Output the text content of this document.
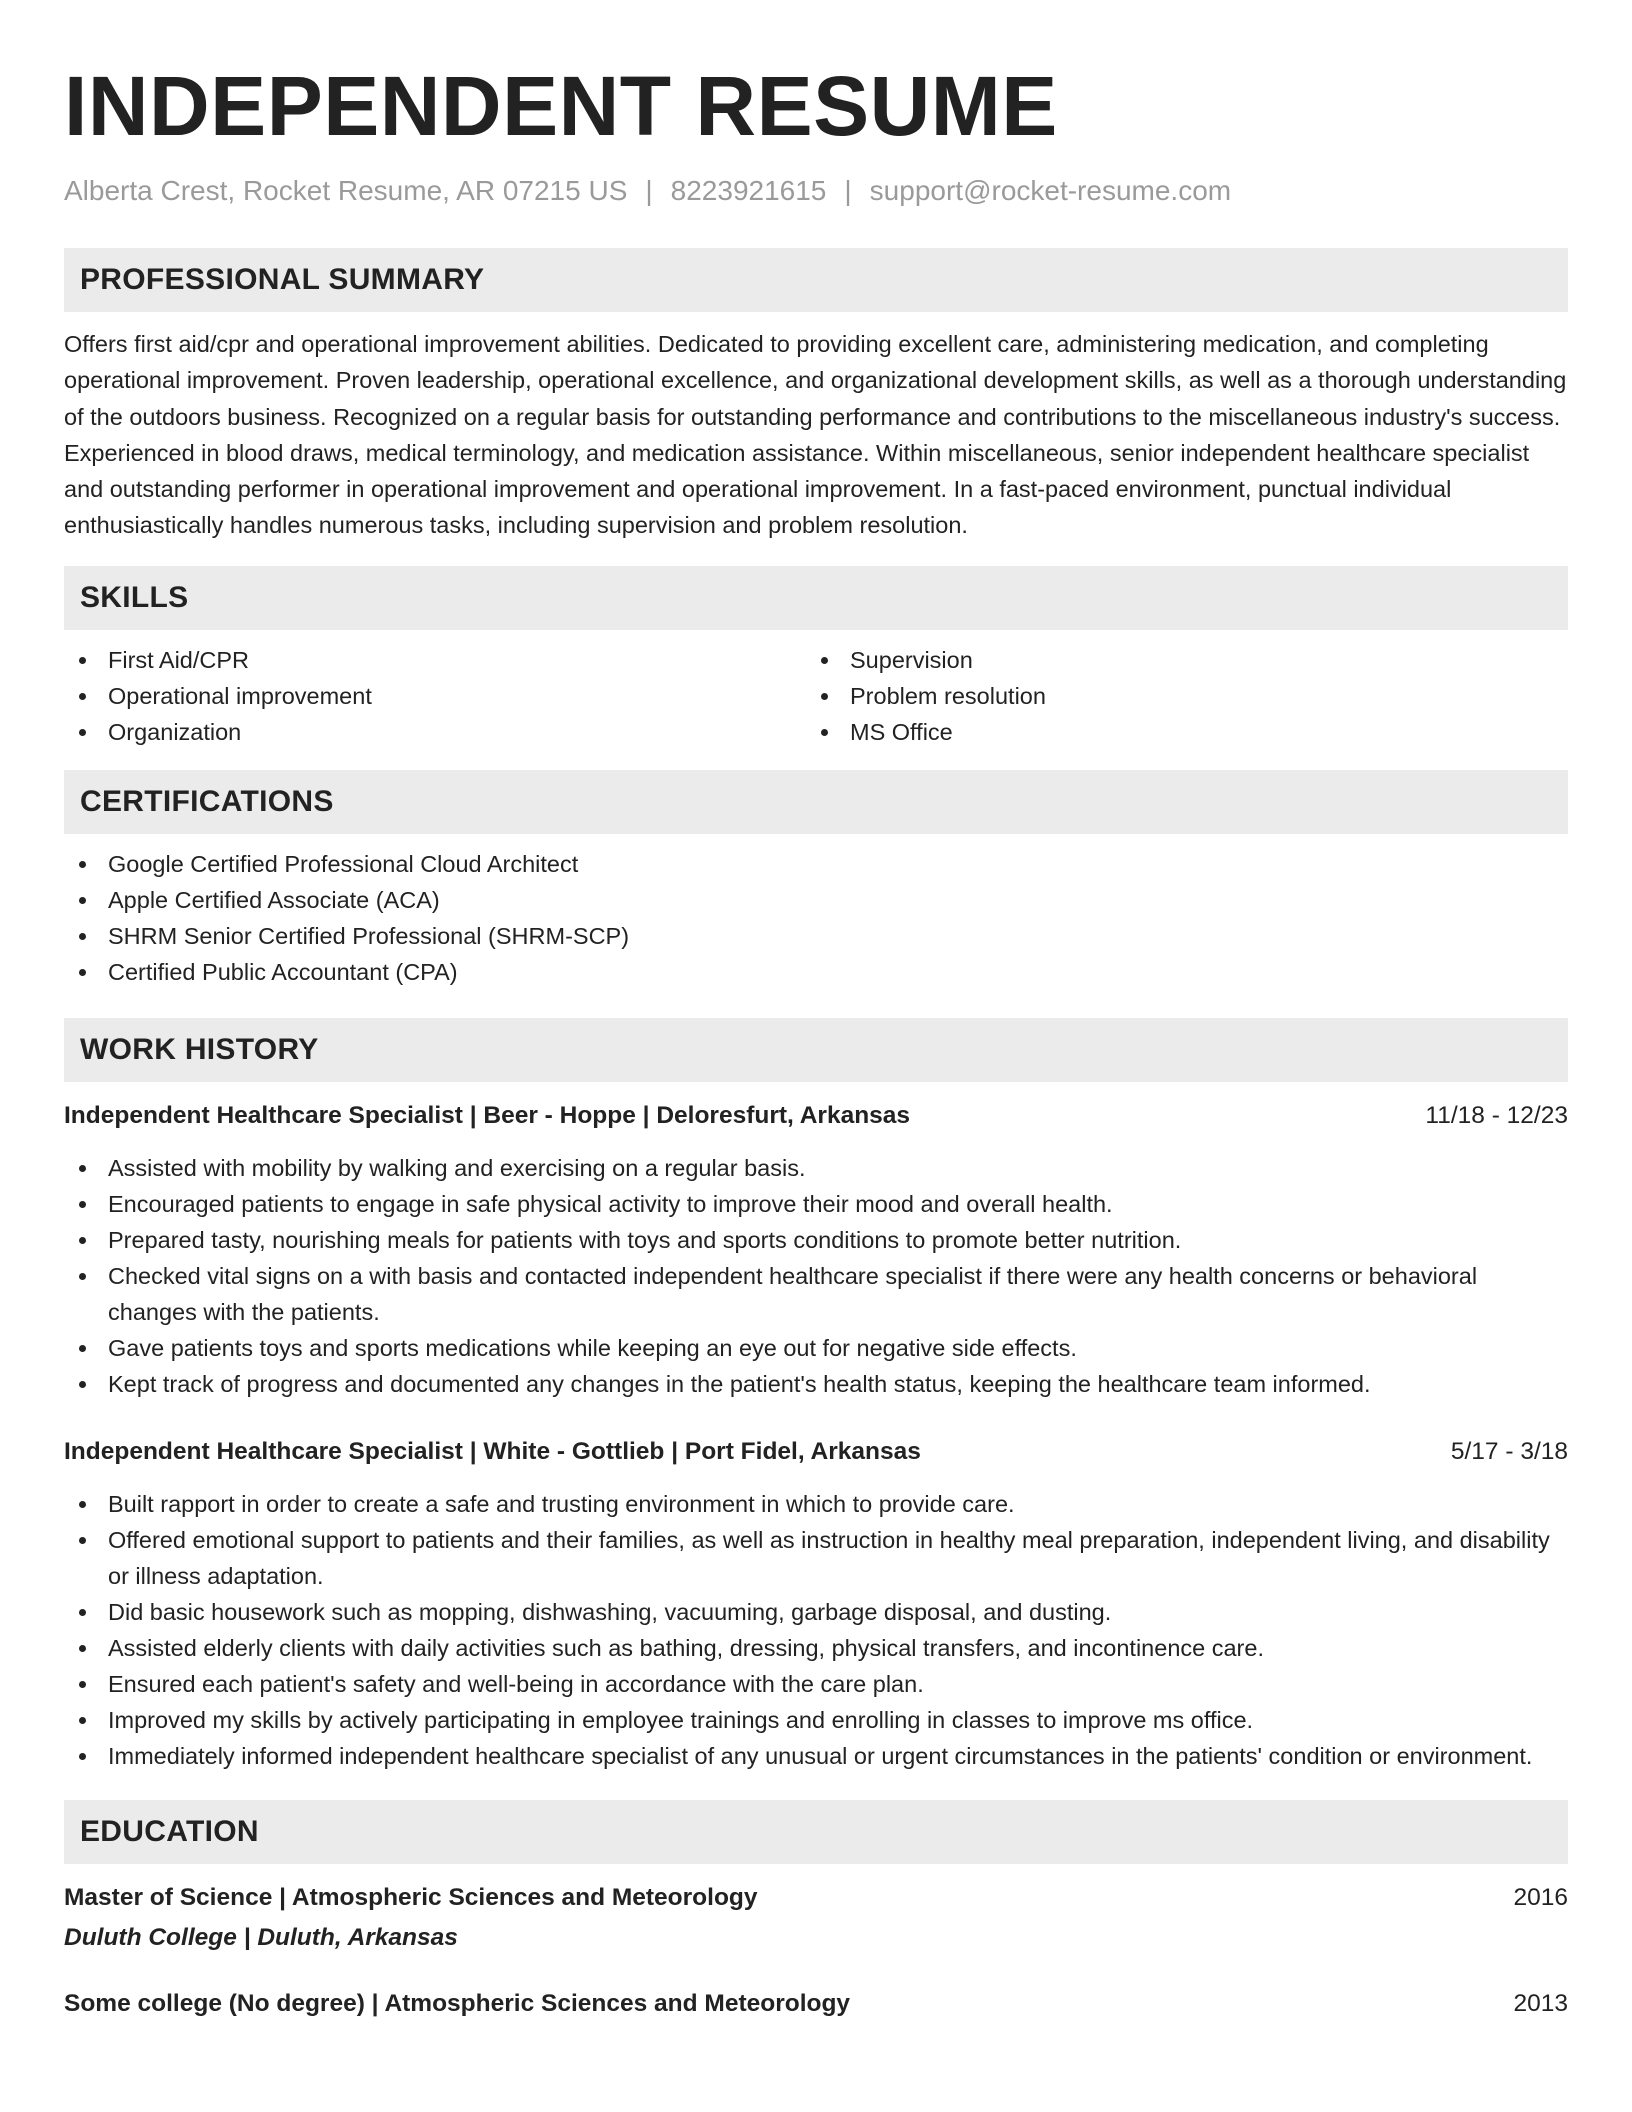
INDEPENDENT RESUME
Alberta Crest, Rocket Resume, AR 07215 US | 8223921615 | support@rocket-resume.com
PROFESSIONAL SUMMARY
Offers first aid/cpr and operational improvement abilities. Dedicated to providing excellent care, administering medication, and completing operational improvement. Proven leadership, operational excellence, and organizational development skills, as well as a thorough understanding of the outdoors business. Recognized on a regular basis for outstanding performance and contributions to the miscellaneous industry's success. Experienced in blood draws, medical terminology, and medication assistance. Within miscellaneous, senior independent healthcare specialist and outstanding performer in operational improvement and operational improvement. In a fast-paced environment, punctual individual enthusiastically handles numerous tasks, including supervision and problem resolution.
SKILLS
First Aid/CPR
Operational improvement
Organization
Supervision
Problem resolution
MS Office
CERTIFICATIONS
Google Certified Professional Cloud Architect
Apple Certified Associate (ACA)
SHRM Senior Certified Professional (SHRM-SCP)
Certified Public Accountant (CPA)
WORK HISTORY
Independent Healthcare Specialist | Beer - Hoppe | Deloresfurt, Arkansas	11/18 - 12/23
Assisted with mobility by walking and exercising on a regular basis.
Encouraged patients to engage in safe physical activity to improve their mood and overall health.
Prepared tasty, nourishing meals for patients with toys and sports conditions to promote better nutrition.
Checked vital signs on a with basis and contacted independent healthcare specialist if there were any health concerns or behavioral changes with the patients.
Gave patients toys and sports medications while keeping an eye out for negative side effects.
Kept track of progress and documented any changes in the patient's health status, keeping the healthcare team informed.
Independent Healthcare Specialist | White - Gottlieb | Port Fidel, Arkansas	5/17 - 3/18
Built rapport in order to create a safe and trusting environment in which to provide care.
Offered emotional support to patients and their families, as well as instruction in healthy meal preparation, independent living, and disability or illness adaptation.
Did basic housework such as mopping, dishwashing, vacuuming, garbage disposal, and dusting.
Assisted elderly clients with daily activities such as bathing, dressing, physical transfers, and incontinence care.
Ensured each patient's safety and well-being in accordance with the care plan.
Improved my skills by actively participating in employee trainings and enrolling in classes to improve ms office.
Immediately informed independent healthcare specialist of any unusual or urgent circumstances in the patients' condition or environment.
EDUCATION
Master of Science | Atmospheric Sciences and Meteorology	2016
Duluth College | Duluth, Arkansas
Some college (No degree) | Atmospheric Sciences and Meteorology	2013
